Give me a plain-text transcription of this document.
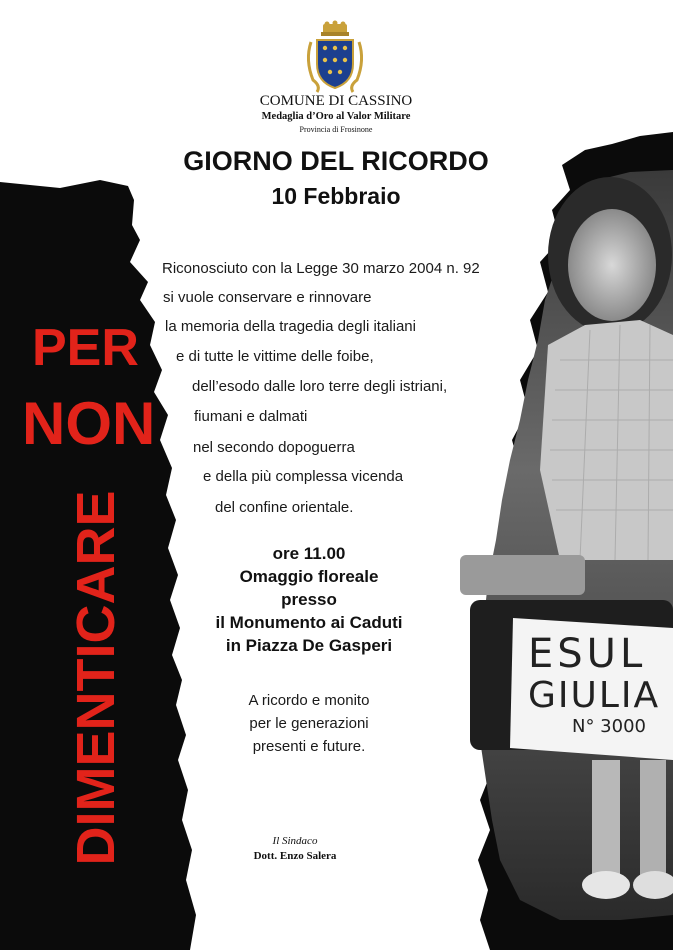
ESUL
GIULIA
N° 3000
COMUNE DI CASSINO
Medaglia d’Oro al Valor Militare
Provincia di Frosinone
GIORNO DEL RICORDO
10 Febbraio
PER
NON
DIMENTICARE
Riconosciuto con la Legge 30 marzo 2004 n. 92
si vuole conservare e rinnovare
la memoria della tragedia degli italiani
e di tutte le vittime delle foibe,
dell’esodo dalle loro terre degli istriani,
fiumani e dalmati
nel secondo dopoguerra
e della più complessa vicenda
del confine orientale.
ore 11.00
Omaggio floreale
presso
il Monumento ai Caduti
in Piazza De Gasperi
A ricordo e monito
per le generazioni
presenti e future.
Il Sindaco
Dott. Enzo Salera
